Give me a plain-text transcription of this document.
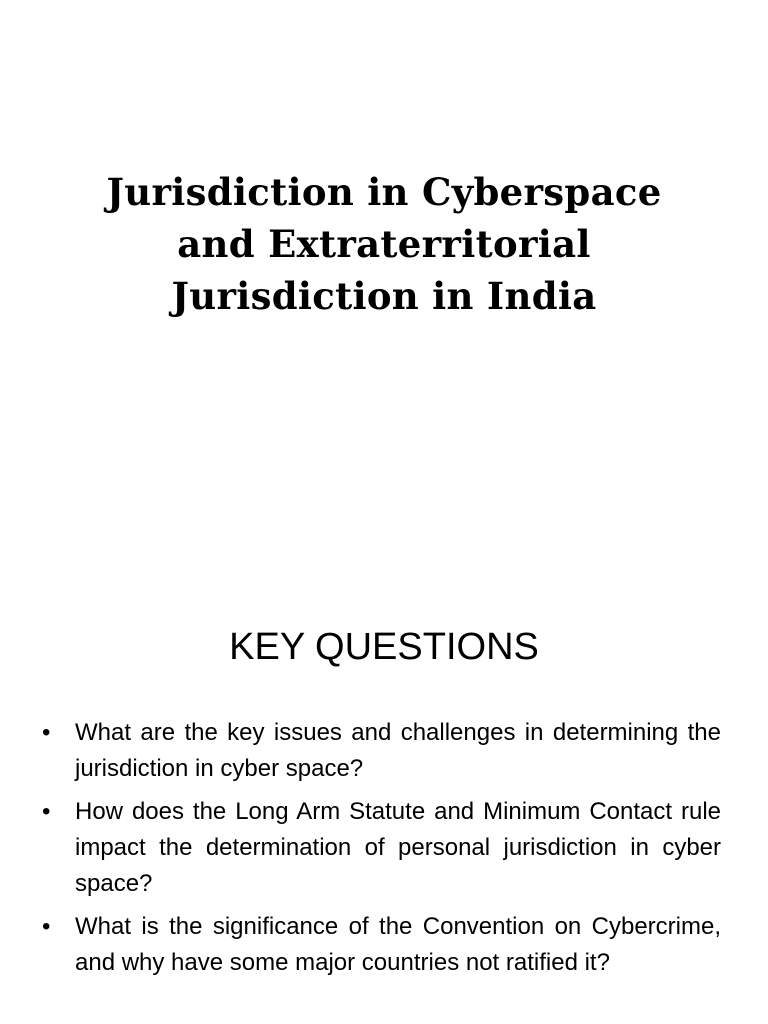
Jurisdiction in Cyberspace
and Extraterritorial
Jurisdiction in India
KEY QUESTIONS
• What are the key issues and challenges in determining the jurisdiction in cyber space?
• How does the Long Arm Statute and Minimum Contact rule impact the determination of personal jurisdiction in cyber space?
• What is the significance of the Convention on Cybercrime, and why have some major countries not ratified it?
